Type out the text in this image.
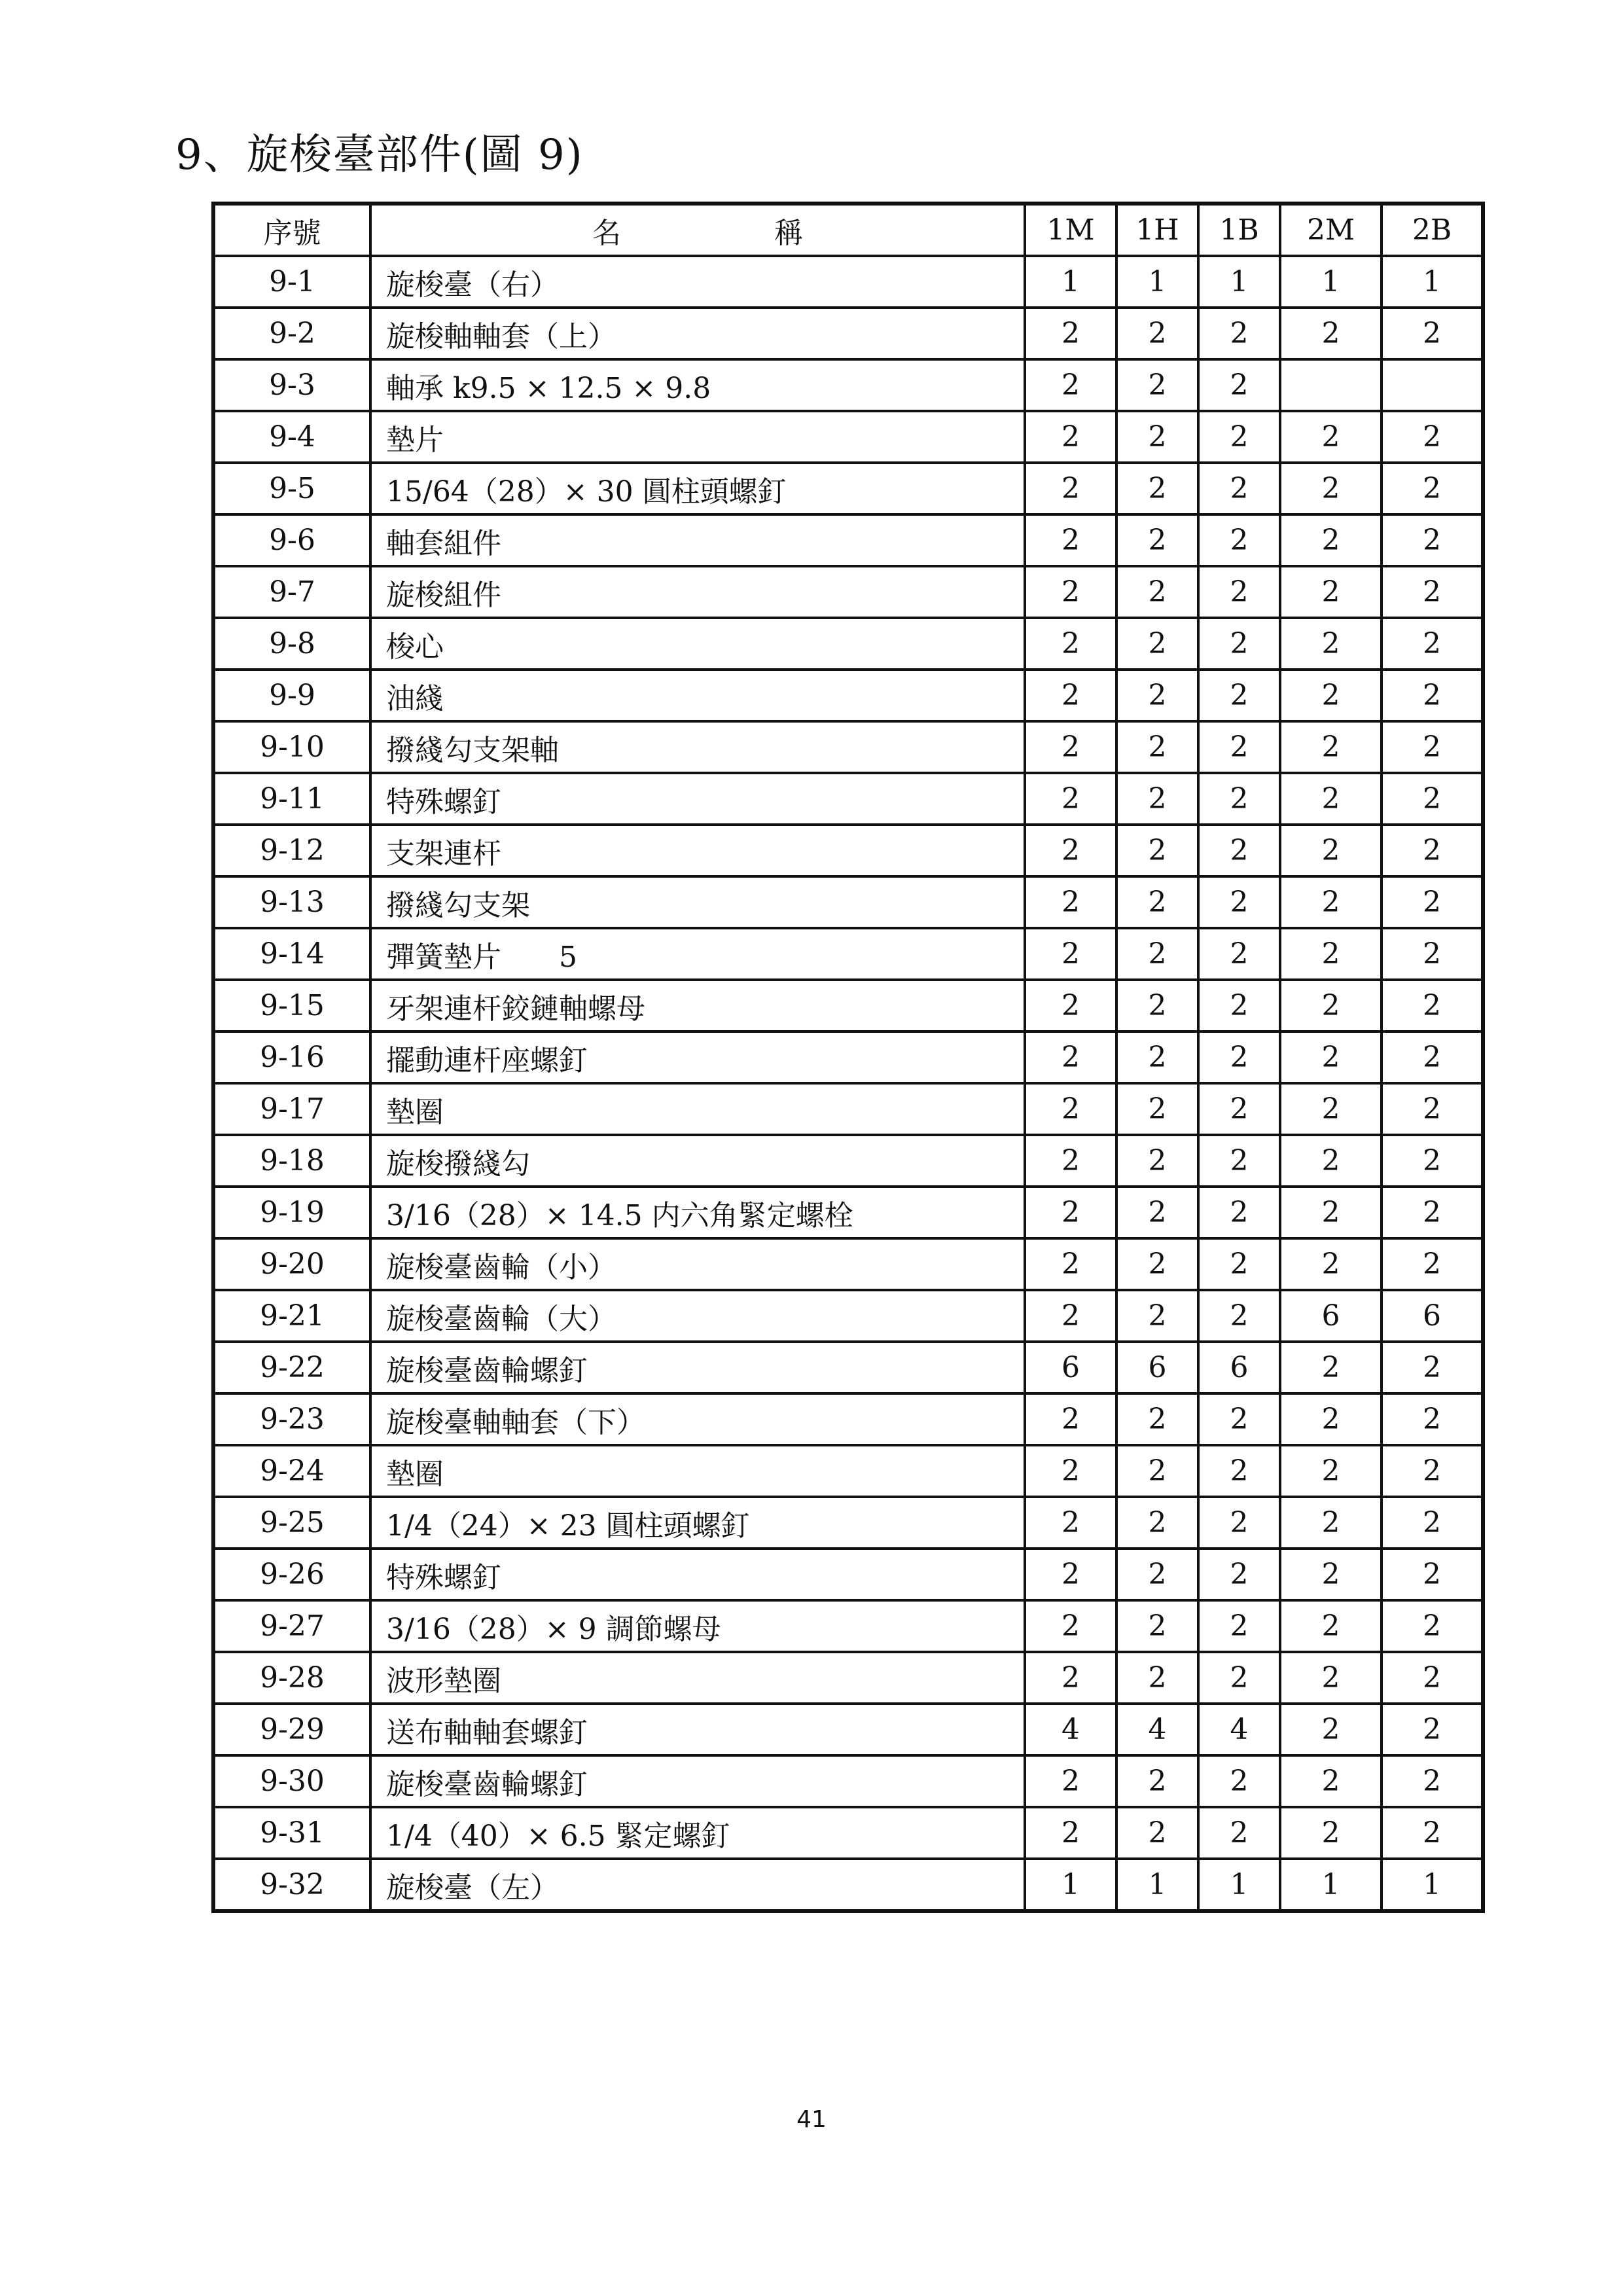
9、旋梭臺部件(圖 9)
序號	名 稱	1M	1H	1B	2M	2B
9-1	旋梭臺（右）	1	1	1	1	1
9-2	旋梭軸軸套（上）	2	2	2	2	2
9-3	軸承 k9.5 × 12.5 × 9.8	2	2	2		
9-4	墊片	2	2	2	2	2
9-5	15/64（28）× 30 圓柱頭螺釘	2	2	2	2	2
9-6	軸套組件	2	2	2	2	2
9-7	旋梭組件	2	2	2	2	2
9-8	梭心	2	2	2	2	2
9-9	油綫	2	2	2	2	2
9-10	撥綫勾支架軸	2	2	2	2	2
9-11	特殊螺釘	2	2	2	2	2
9-12	支架連杆	2	2	2	2	2
9-13	撥綫勾支架	2	2	2	2	2
9-14	彈簧墊片　　5	2	2	2	2	2
9-15	牙架連杆鉸鏈軸螺母	2	2	2	2	2
9-16	擺動連杆座螺釘	2	2	2	2	2
9-17	墊圈	2	2	2	2	2
9-18	旋梭撥綫勾	2	2	2	2	2
9-19	3/16（28）× 14.5 内六角緊定螺栓	2	2	2	2	2
9-20	旋梭臺齒輪（小）	2	2	2	2	2
9-21	旋梭臺齒輪（大）	2	2	2	6	6
9-22	旋梭臺齒輪螺釘	6	6	6	2	2
9-23	旋梭臺軸軸套（下）	2	2	2	2	2
9-24	墊圈	2	2	2	2	2
9-25	1/4（24）× 23 圓柱頭螺釘	2	2	2	2	2
9-26	特殊螺釘	2	2	2	2	2
9-27	3/16（28）× 9 調節螺母	2	2	2	2	2
9-28	波形墊圈	2	2	2	2	2
9-29	送布軸軸套螺釘	4	4	4	2	2
9-30	旋梭臺齒輪螺釘	2	2	2	2	2
9-31	1/4（40）× 6.5 緊定螺釘	2	2	2	2	2
9-32	旋梭臺（左）	1	1	1	1	1
41
